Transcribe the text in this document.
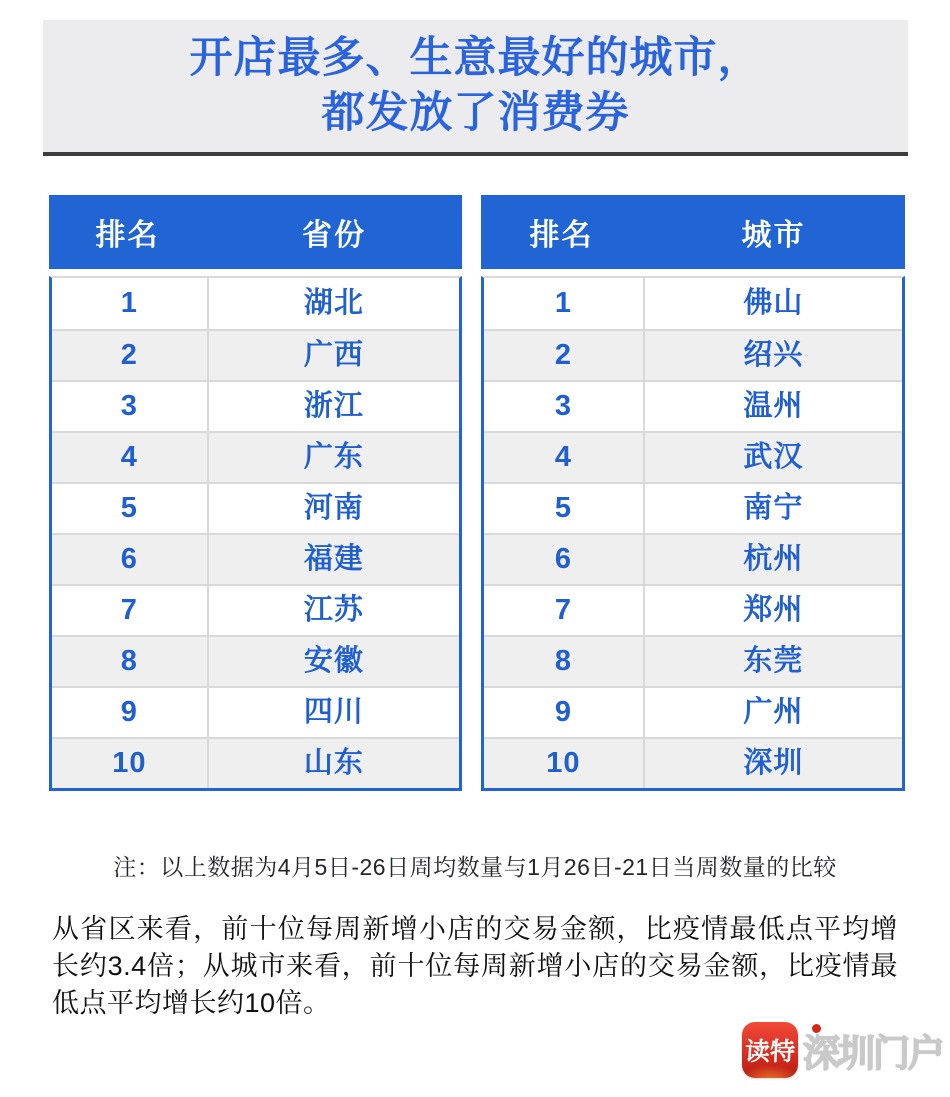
开店最多、生意最好的城市，
都发放了消费券
排名	省份
1	湖北
2	广西
3	浙江
4	广东
5	河南
6	福建
7	江苏
8	安徽
9	四川
10	山东
排名	城市
1	佛山
2	绍兴
3	温州
4	武汉
5	南宁
6	杭州
7	郑州
8	东莞
9	广州
10	深圳
注：以上数据为4月5日-26日周均数量与1月26日-21日当周数量的比较
从省区来看，前十位每周新增小店的交易金额，比疫情最低点平均增长约3.4倍；从城市来看，前十位每周新增小店的交易金额，比疫情最低点平均增长约10倍。
读特 深圳门户
